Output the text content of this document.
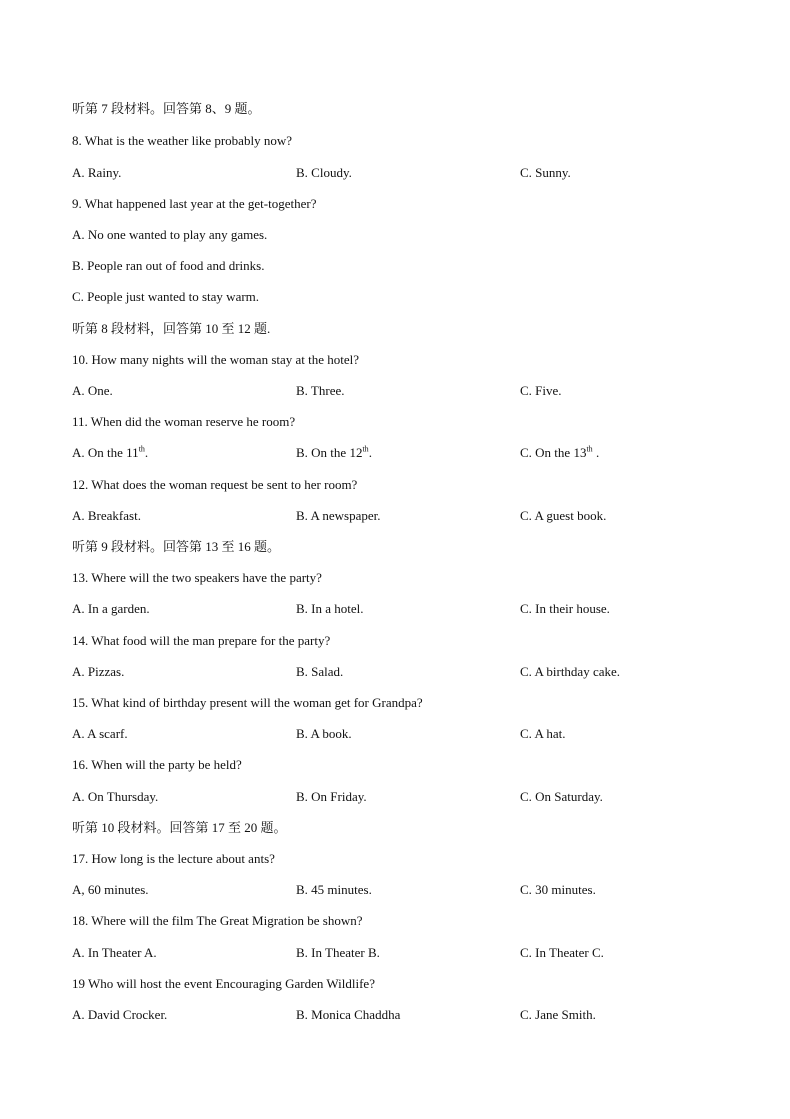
听第 7 段材料。回答第 8、9 题。
8. What is the weather like probably now?
A. Rainy.	B. Cloudy.	C. Sunny.
9. What happened last year at the get-together?
A. No one wanted to play any games.
B. People ran out of food and drinks.
C. People just wanted to stay warm.
听第 8 段材料，回答第 10 至 12 题.
10. How many nights will the woman stay at the hotel?
A. One.	B. Three.	C. Five.
11. When did the woman reserve he room?
A. On the 11th.	B. On the 12th.	C. On the 13th .
12. What does the woman request be sent to her room?
A. Breakfast.	B. A newspaper.	C. A guest book.
听第 9 段材料。回答第 13 至 16 题。
13. Where will the two speakers have the party?
A. In a garden.	B. In a hotel.	C. In their house.
14. What food will the man prepare for the party?
A. Pizzas.	B. Salad.	C. A birthday cake.
15. What kind of birthday present will the woman get for Grandpa?
A. A scarf.	B. A book.	C. A hat.
16. When will the party be held?
A. On Thursday.	B. On Friday.	C. On Saturday.
听第 10 段材料。回答第 17 至 20 题。
17. How long is the lecture about ants?
A, 60 minutes.	B. 45 minutes.	C. 30 minutes.
18. Where will the film The Great Migration be shown?
A. In Theater A.	B. In Theater B.	C. In Theater C.
19 Who will host the event Encouraging Garden Wildlife?
A. David Crocker.	B. Monica Chaddha	C. Jane Smith.
